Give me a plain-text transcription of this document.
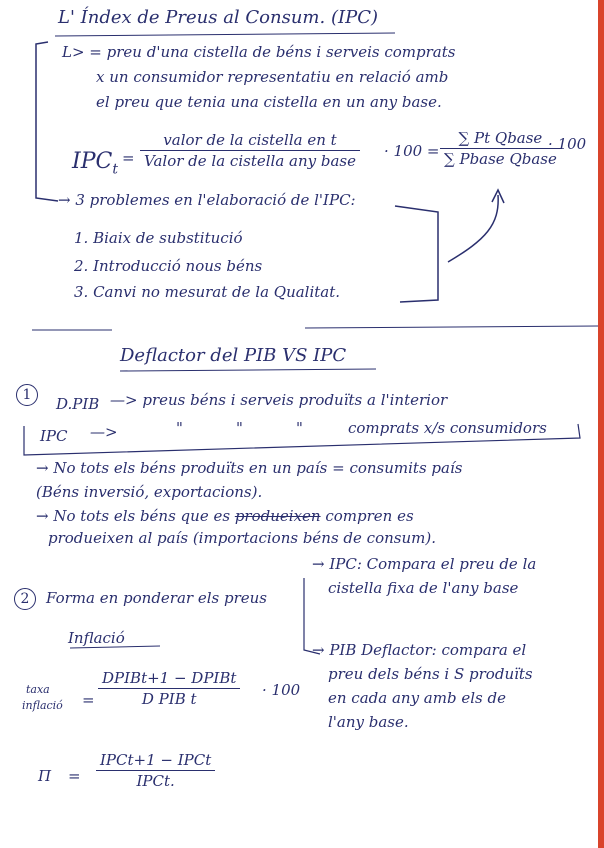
L' Índex de Preus al Consum. (IPC)
L> = preu d'una cistella de béns i serveis comprats
x un consumidor representatiu en relació amb
el preu que tenia una cistella en un any base.
$IPC_t$
=
valor de la cistella en t
Valor de la cistella any base
· 100 =
∑ Pt Qbase
∑ Pbase Qbase
· 100
→ 3 problemes en l'elaboració de l'IPC:
1. Biaix de substitució
2. Introducció nous béns
3. Canvi no mesurat de la Qualitat.
Deflactor del PIB VS IPC
1	D.PIB —> preus béns i serveis produïts a l'interior
IPC —>	"	"	"	comprats x/s consumidors
→ No tots els béns produïts en un país = consumits país
(Béns inversió, exportacions).
→ No tots els béns que es produeixen compren es
produeixen al país (importacions béns de consum).
2	Forma en ponderar els preus
→ IPC: Compara el preu de la
cistella fixa de l'any base
→ PIB Deflactor: compara el
preu dels béns i S produïts
en cada any amb els de
l'any base.
Inflació
taxa
inflació =
DPIBt+1 − DPIBt
D PIB t	· 100
Π =
IPCt+1 − IPCt
IPCt.
